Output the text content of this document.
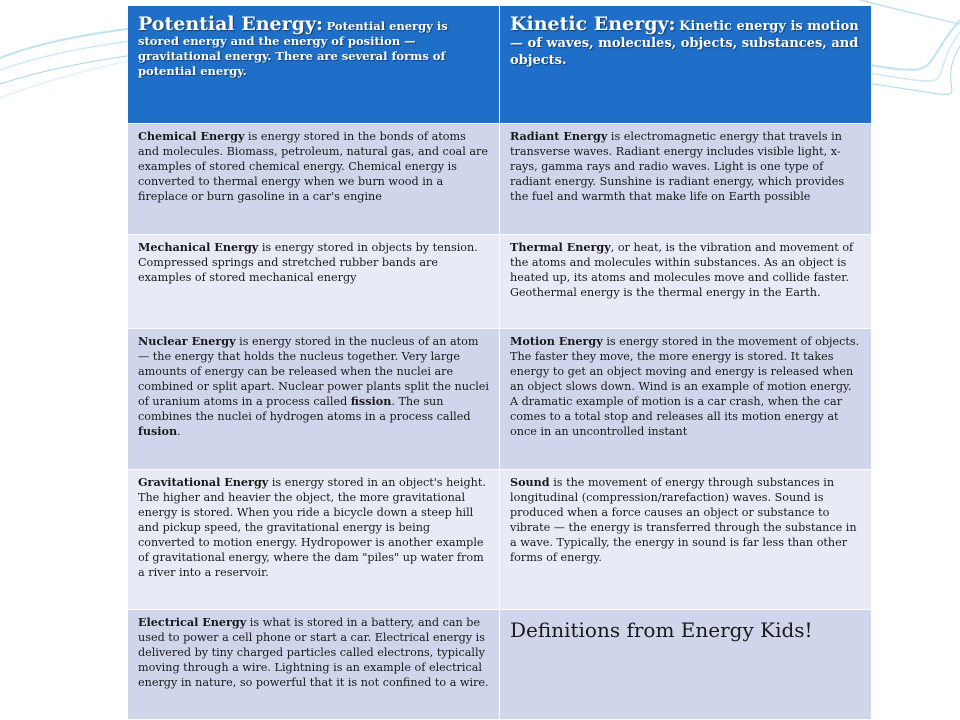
Potential Energy: Potential energy is stored energy and the energy of position — gravitational energy. There are several forms of potential energy.
Kinetic Energy: Kinetic energy is motion — of waves, molecules, objects, substances, and objects.
Chemical Energy is energy stored in the bonds of atoms and molecules. Biomass, petroleum, natural gas, and coal are examples of stored chemical energy. Chemical energy is converted to thermal energy when we burn wood in a fireplace or burn gasoline in a car's engine
Radiant Energy is electromagnetic energy that travels in transverse waves. Radiant energy includes visible light, x-rays, gamma rays and radio waves. Light is one type of radiant energy. Sunshine is radiant energy, which provides the fuel and warmth that make life on Earth possible
Mechanical Energy is energy stored in objects by tension. Compressed springs and stretched rubber bands are examples of stored mechanical energy
Thermal Energy, or heat, is the vibration and movement of the atoms and molecules within substances. As an object is heated up, its atoms and molecules move and collide faster. Geothermal energy is the thermal energy in the Earth.
Nuclear Energy is energy stored in the nucleus of an atom — the energy that holds the nucleus together. Very large amounts of energy can be released when the nuclei are combined or split apart. Nuclear power plants split the nuclei of uranium atoms in a process called fission. The sun combines the nuclei of hydrogen atoms in a process called fusion.
Motion Energy is energy stored in the movement of objects. The faster they move, the more energy is stored. It takes energy to get an object moving and energy is released when an object slows down. Wind is an example of motion energy. A dramatic example of motion is a car crash, when the car comes to a total stop and releases all its motion energy at once in an uncontrolled instant
Gravitational Energy is energy stored in an object's height. The higher and heavier the object, the more gravitational energy is stored. When you ride a bicycle down a steep hill and pickup speed, the gravitational energy is being converted to motion energy. Hydropower is another example of gravitational energy, where the dam "piles" up water from a river into a reservoir.
Sound is the movement of energy through substances in longitudinal (compression/rarefaction) waves. Sound is produced when a force causes an object or substance to vibrate — the energy is transferred through the substance in a wave. Typically, the energy in sound is far less than other forms of energy.
Electrical Energy is what is stored in a battery, and can be used to power a cell phone or start a car. Electrical energy is delivered by tiny charged particles called electrons, typically moving through a wire. Lightning is an example of electrical energy in nature, so powerful that it is not confined to a wire.
Definitions from Energy Kids!
